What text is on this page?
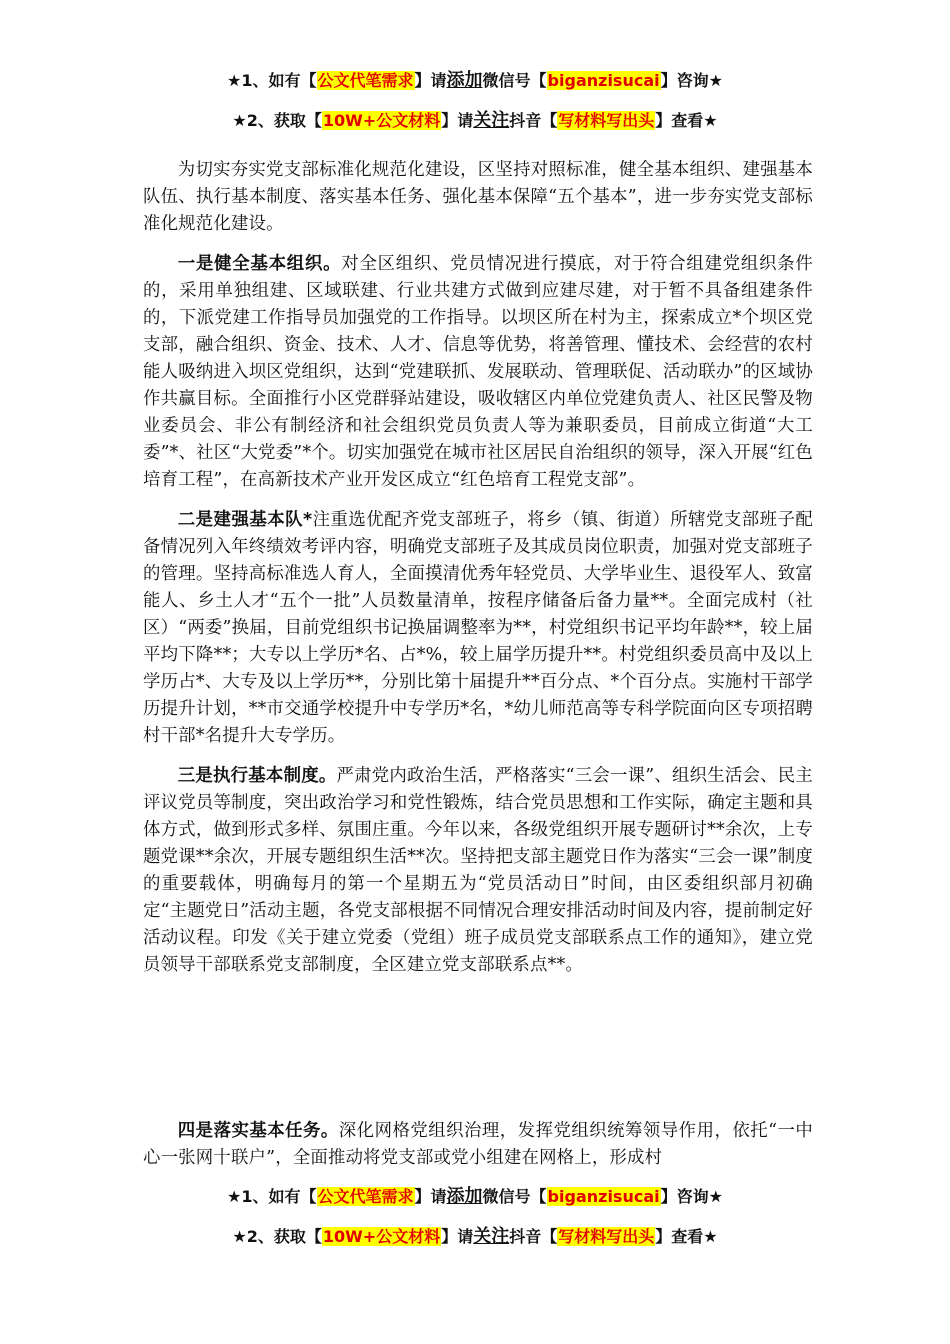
★1、如有【公文代笔需求】请添加微信号【biganzisucai】咨询★
★2、获取【10W+公文材料】请关注抖音【写材料写出头】查看★

为切实夯实党支部标准化规范化建设，区坚持对照标准，健全基本组织、建强基本队伍、执行基本制度、落实基本任务、强化基本保障“五个基本”，进一步夯实党支部标准化规范化建设。

一是健全基本组织。对全区组织、党员情况进行摸底，对于符合组建党组织条件的，采用单独组建、区域联建、行业共建方式做到应建尽建，对于暂不具备组建条件的，下派党建工作指导员加强党的工作指导。以坝区所在村为主，探索成立*个坝区党支部，融合组织、资金、技术、人才、信息等优势，将善管理、懂技术、会经营的农村能人吸纳进入坝区党组织，达到“党建联抓、发展联动、管理联促、活动联办”的区域协作共赢目标。全面推行小区党群驿站建设，吸收辖区内单位党建负责人、社区民警及物业委员会、非公有制经济和社会组织党员负责人等为兼职委员，目前成立街道“大工委”*、社区“大党委”*个。切实加强党在城市社区居民自治组织的领导，深入开展“红色培育工程”，在高新技术产业开发区成立“红色培育工程党支部”。

二是建强基本队*注重选优配齐党支部班子，将乡（镇、街道）所辖党支部班子配备情况列入年终绩效考评内容，明确党支部班子及其成员岗位职责，加强对党支部班子的管理。坚持高标准选人育人，全面摸清优秀年轻党员、大学毕业生、退役军人、致富能人、乡土人才“五个一批”人员数量清单，按程序储备后备力量**。全面完成村（社区）“两委”换届，目前党组织书记换届调整率为**，村党组织书记平均年龄**，较上届平均下降**；大专以上学历*名、占*%，较上届学历提升**。村党组织委员高中及以上学历占*、大专及以上学历**，分别比第十届提升**百分点、*个百分点。实施村干部学历提升计划，**市交通学校提升中专学历*名，*幼儿师范高等专科学院面向区专项招聘村干部*名提升大专学历。

三是执行基本制度。严肃党内政治生活，严格落实“三会一课”、组织生活会、民主评议党员等制度，突出政治学习和党性锻炼，结合党员思想和工作实际，确定主题和具体方式，做到形式多样、氛围庄重。今年以来，各级党组织开展专题研讨**余次，上专题党课**余次，开展专题组织生活**次。坚持把支部主题党日作为落实“三会一课”制度的重要载体，明确每月的第一个星期五为“党员活动日”时间，由区委组织部月初确定“主题党日”活动主题，各党支部根据不同情况合理安排活动时间及内容，提前制定好活动议程。印发《关于建立党委（党组）班子成员党支部联系点工作的通知》，建立党员领导干部联系党支部制度，全区建立党支部联系点**。

四是落实基本任务。深化网格党组织治理，发挥党组织统筹领导作用，依托“一中心一张网十联户”，全面推动将党支部或党小组建在网格上，形成村

★1、如有【公文代笔需求】请添加微信号【biganzisucai】咨询★
★2、获取【10W+公文材料】请关注抖音【写材料写出头】查看★
